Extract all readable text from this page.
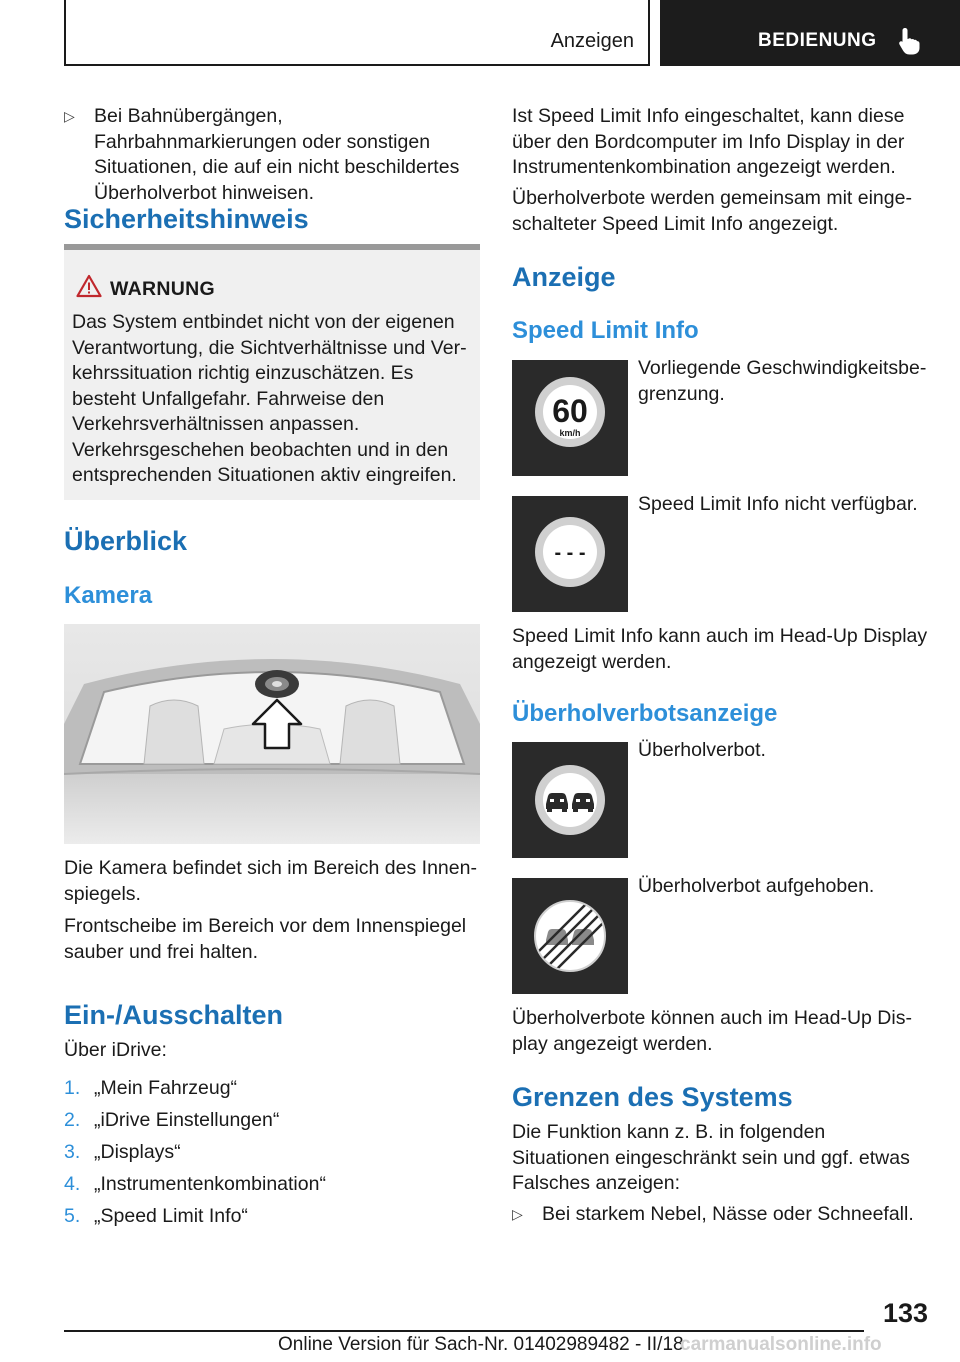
Anzeigen	BEDIENUNG
▷ Bei Bahnübergängen, Fahrbahnmarkierungen oder sonstigen Situationen, die auf ein nicht beschildertes Überholverbot hinweisen.
Sicherheitshinweis
WARNUNG
Das System entbindet nicht von der eigenen Verantwortung, die Sichtverhältnisse und Verkehrssituation richtig einzuschätzen. Es besteht Unfallgefahr. Fahrweise den Verkehrsverhältnissen anpassen. Verkehrsgeschehen beobachten und in den entsprechenden Situationen aktiv eingreifen.
Überblick
Kamera
Die Kamera befindet sich im Bereich des Innenspiegels.
Frontscheibe im Bereich vor dem Innenspiegel sauber und frei halten.
Ein-/Ausschalten
Über iDrive:
1. „Mein Fahrzeug“
2. „iDrive Einstellungen“
3. „Displays“
4. „Instrumentenkombination“
5. „Speed Limit Info“
Ist Speed Limit Info eingeschaltet, kann diese über den Bordcomputer im Info Display in der Instrumentenkombination angezeigt werden.
Überholverbote werden gemeinsam mit eingeschalteter Speed Limit Info angezeigt.
Anzeige
Speed Limit Info
60
km/h
Vorliegende Geschwindigkeitsbegrenzung.
- - -
Speed Limit Info nicht verfügbar.
Speed Limit Info kann auch im Head-Up Display angezeigt werden.
Überholverbotsanzeige
Überholverbot.
Überholverbot aufgehoben.
Überholverbote können auch im Head-Up Display angezeigt werden.
Grenzen des Systems
Die Funktion kann z. B. in folgenden Situationen eingeschränkt sein und ggf. etwas Falsches anzeigen:
▷ Bei starkem Nebel, Nässe oder Schneefall.
133
Online Version für Sach-Nr. 01402989482 - II/18
carmanualsonline.info
